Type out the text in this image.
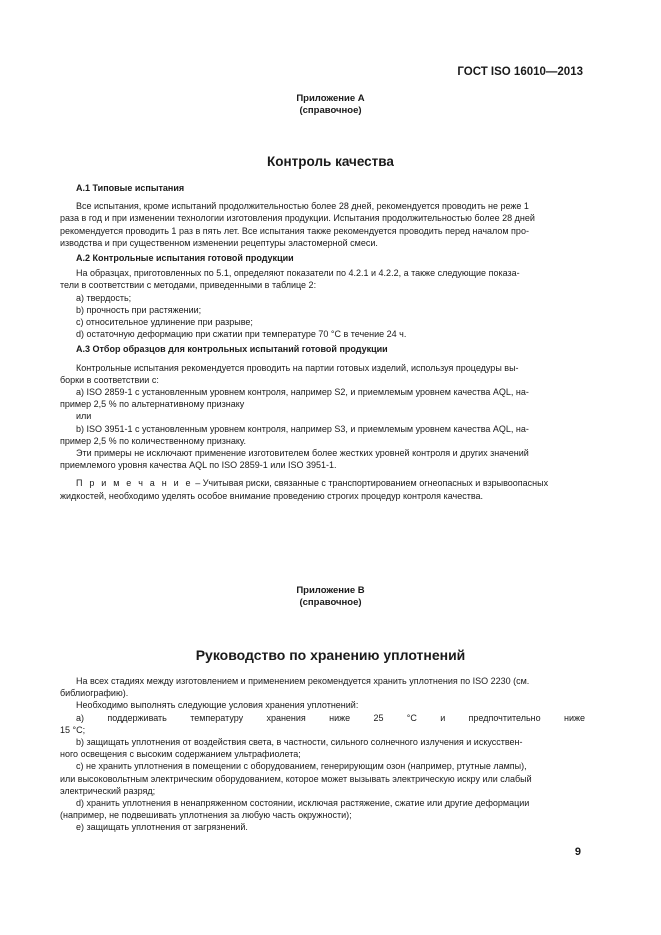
ГОСТ ISO 16010—2013
Приложение А
(справочное)
Контроль качества
А.1 Типовые испытания
Все испытания, кроме испытаний продолжительностью более 28 дней, рекомендуется проводить не реже 1
раза в год и при изменении технологии изготовления продукции. Испытания продолжительностью более 28 дней
рекомендуется проводить 1 раз в пять лет. Все испытания также рекомендуется проводить перед началом про-
изводства и при существенном изменении рецептуры эластомерной смеси.
А.2 Контрольные испытания готовой продукции
На образцах, приготовленных по 5.1, определяют показатели по 4.2.1 и 4.2.2, а также следующие показа-
тели в соответствии с методами, приведенными в таблице 2:
a) твердость;
b) прочность при растяжении;
c) относительное удлинение при разрыве;
d) остаточную деформацию при сжатии при температуре 70 °С в течение 24 ч.
А.3 Отбор образцов для контрольных испытаний готовой продукции
Контрольные испытания рекомендуется проводить на партии готовых изделий, используя процедуры вы-
борки в соответствии с:
a) ISO 2859-1 с установленным уровнем контроля, например S2, и приемлемым уровнем качества AQL, на-
пример 2,5 % по альтернативному признаку
или
b) ISO 3951-1 с установленным уровнем контроля, например S3, и приемлемым уровнем качества AQL, на-
пример 2,5 % по количественному признаку.
Эти примеры не исключают применение изготовителем более жестких уровней контроля и других значений
приемлемого уровня качества AQL по ISO 2859-1 или ISO 3951-1.
П р и м е ч а н и е – Учитывая риски, связанные с транспортированием огнеопасных и взрывоопасных
жидкостей, необходимо уделять особое внимание проведению строгих процедур контроля качества.
Приложение В
(справочное)
Руководство по хранению уплотнений
На всех стадиях между изготовлением и применением рекомендуется хранить уплотнения по ISO 2230 (см.
библиографию).
Необходимо выполнять следующие условия хранения уплотнений:
а)	поддерживать	температуру	хранения	ниже	25	°С	и	предпочтительно	ниже
15 °С;
b) защищать уплотнения от воздействия света, в частности, сильного солнечного излучения и искусствен-
ного освещения с высоким содержанием ультрафиолета;
с) не хранить уплотнения в помещении с оборудованием, генерирующим озон (например, ртутные лампы),
или высоковольтным электрическим оборудованием, которое может вызывать электрическую искру или слабый
электрический разряд;
d) хранить уплотнения в ненапряженном состоянии, исключая растяжение, сжатие или другие деформации
(например, не подвешивать уплотнения за любую часть окружности);
е) защищать уплотнения от загрязнений.
9
